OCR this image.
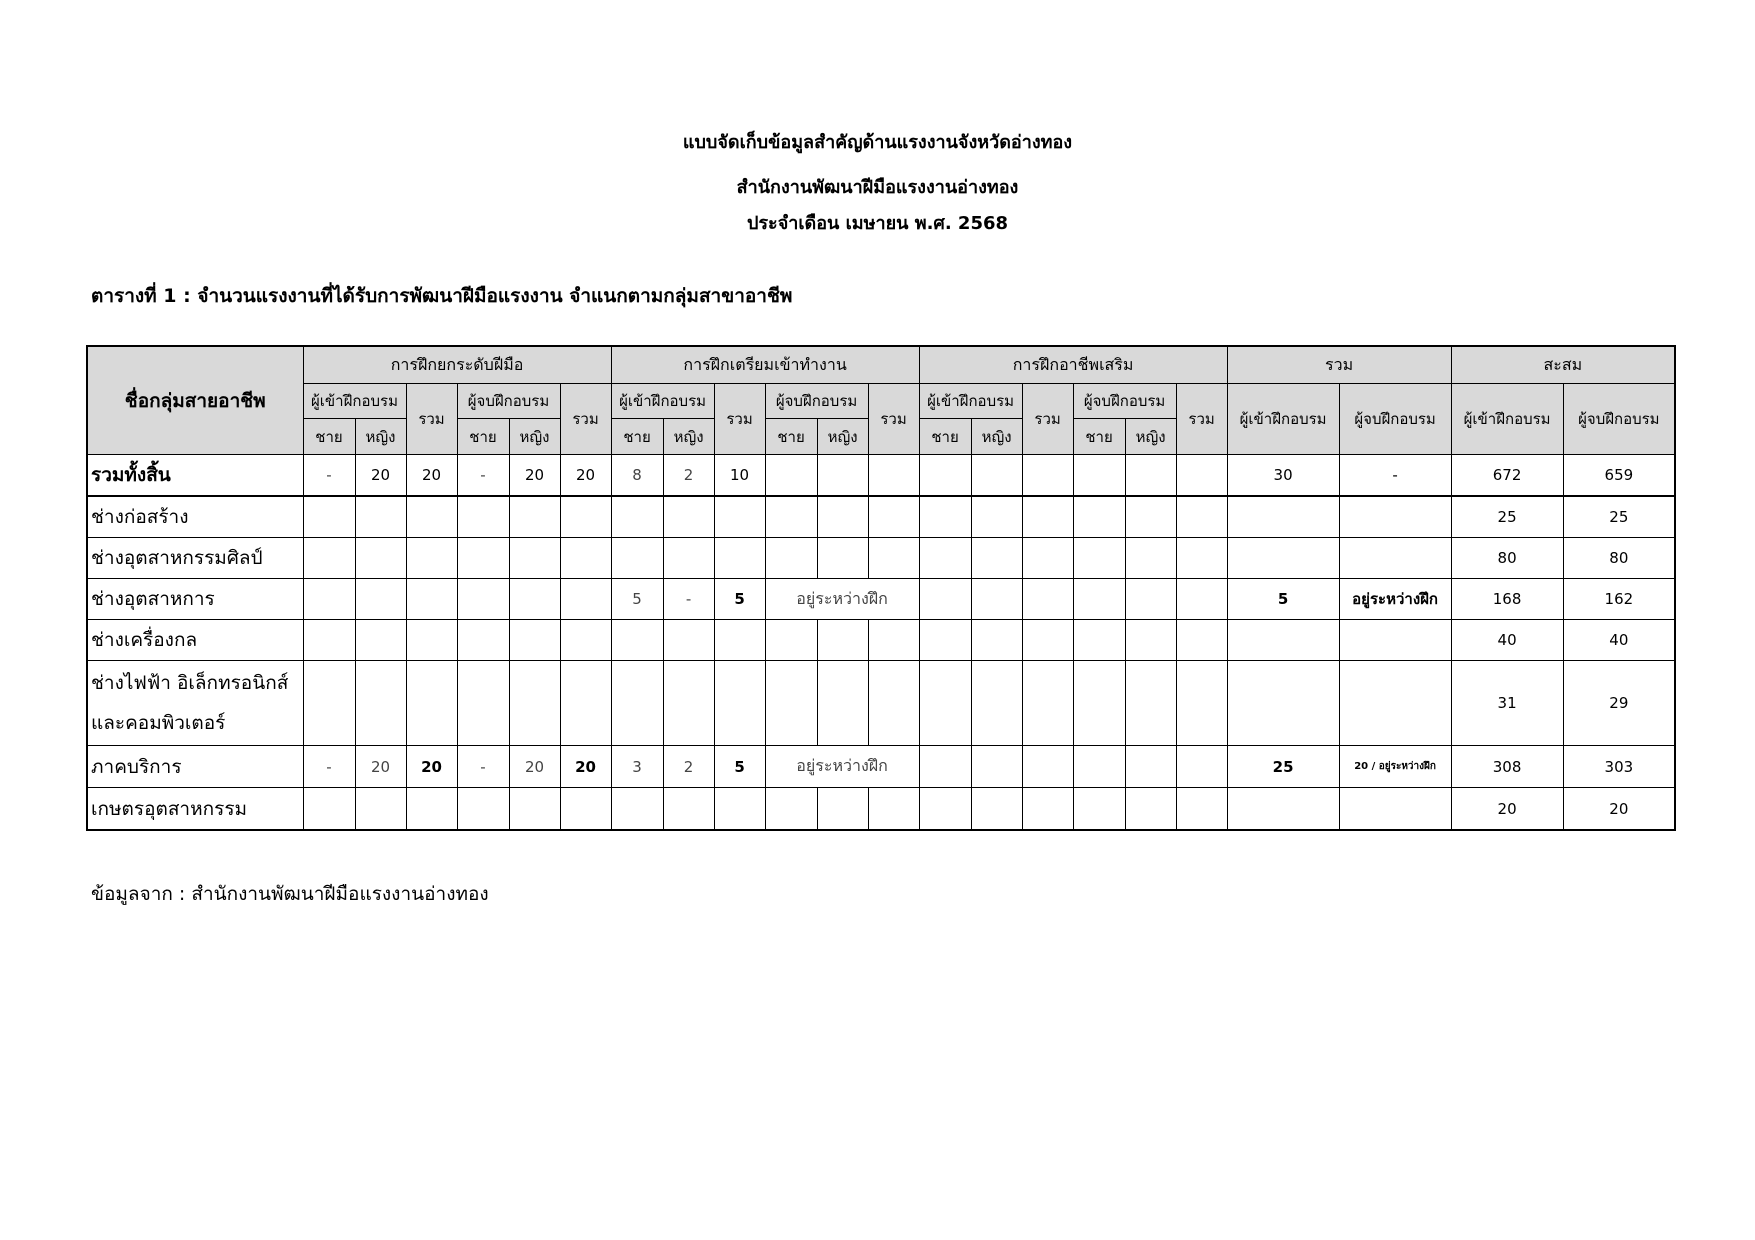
แบบจัดเก็บข้อมูลสำคัญด้านแรงงานจังหวัดอ่างทอง
สำนักงานพัฒนาฝีมือแรงงานอ่างทอง
ประจำเดือน เมษายน พ.ศ. 2568
ตารางที่ 1 : จำนวนแรงงานที่ได้รับการพัฒนาฝีมือแรงงาน จำแนกตามกลุ่มสาขาอาชีพ
ชื่อกลุ่มสายอาชีพ	การฝึกยกระดับฝีมือ						การฝึกเตรียมเข้าทำงาน						การฝึกอาชีพเสริม						รวม		สะสม	
	ผู้เข้าฝึกอบรม		รวม	ผู้จบฝึกอบรม		รวม	ผู้เข้าฝึกอบรม		รวม	ผู้จบฝึกอบรม		รวม	ผู้เข้าฝึกอบรม		รวม	ผู้จบฝึกอบรม		รวม	ผู้เข้าฝึกอบรม	ผู้จบฝึกอบรม	ผู้เข้าฝึกอบรม	ผู้จบฝึกอบรม
	ชาย	หญิง		ชาย	หญิง		ชาย	หญิง		ชาย	หญิง		ชาย	หญิง		ชาย	หญิง					
รวมทั้งสิ้น	-	20	20	-	20	20	8	2	10										30	-	672	659
ช่างก่อสร้าง																					25	25
ช่างอุตสาหกรรมศิลป์																					80	80
ช่างอุตสาหการ							5	-	5	อยู่ระหว่างฝึก									5	อยู่ระหว่างฝึก	168	162
ช่างเครื่องกล																					40	40
ช่างไฟฟ้า อิเล็กทรอนิกส์ และคอมพิวเตอร์																					31	29
ภาคบริการ	-	20	20	-	20	20	3	2	5	อยู่ระหว่างฝึก									25	20 / อยู่ระหว่างฝึก	308	303
เกษตรอุตสาหกรรม																					20	20
ข้อมูลจาก : สำนักงานพัฒนาฝีมือแรงงานอ่างทอง
